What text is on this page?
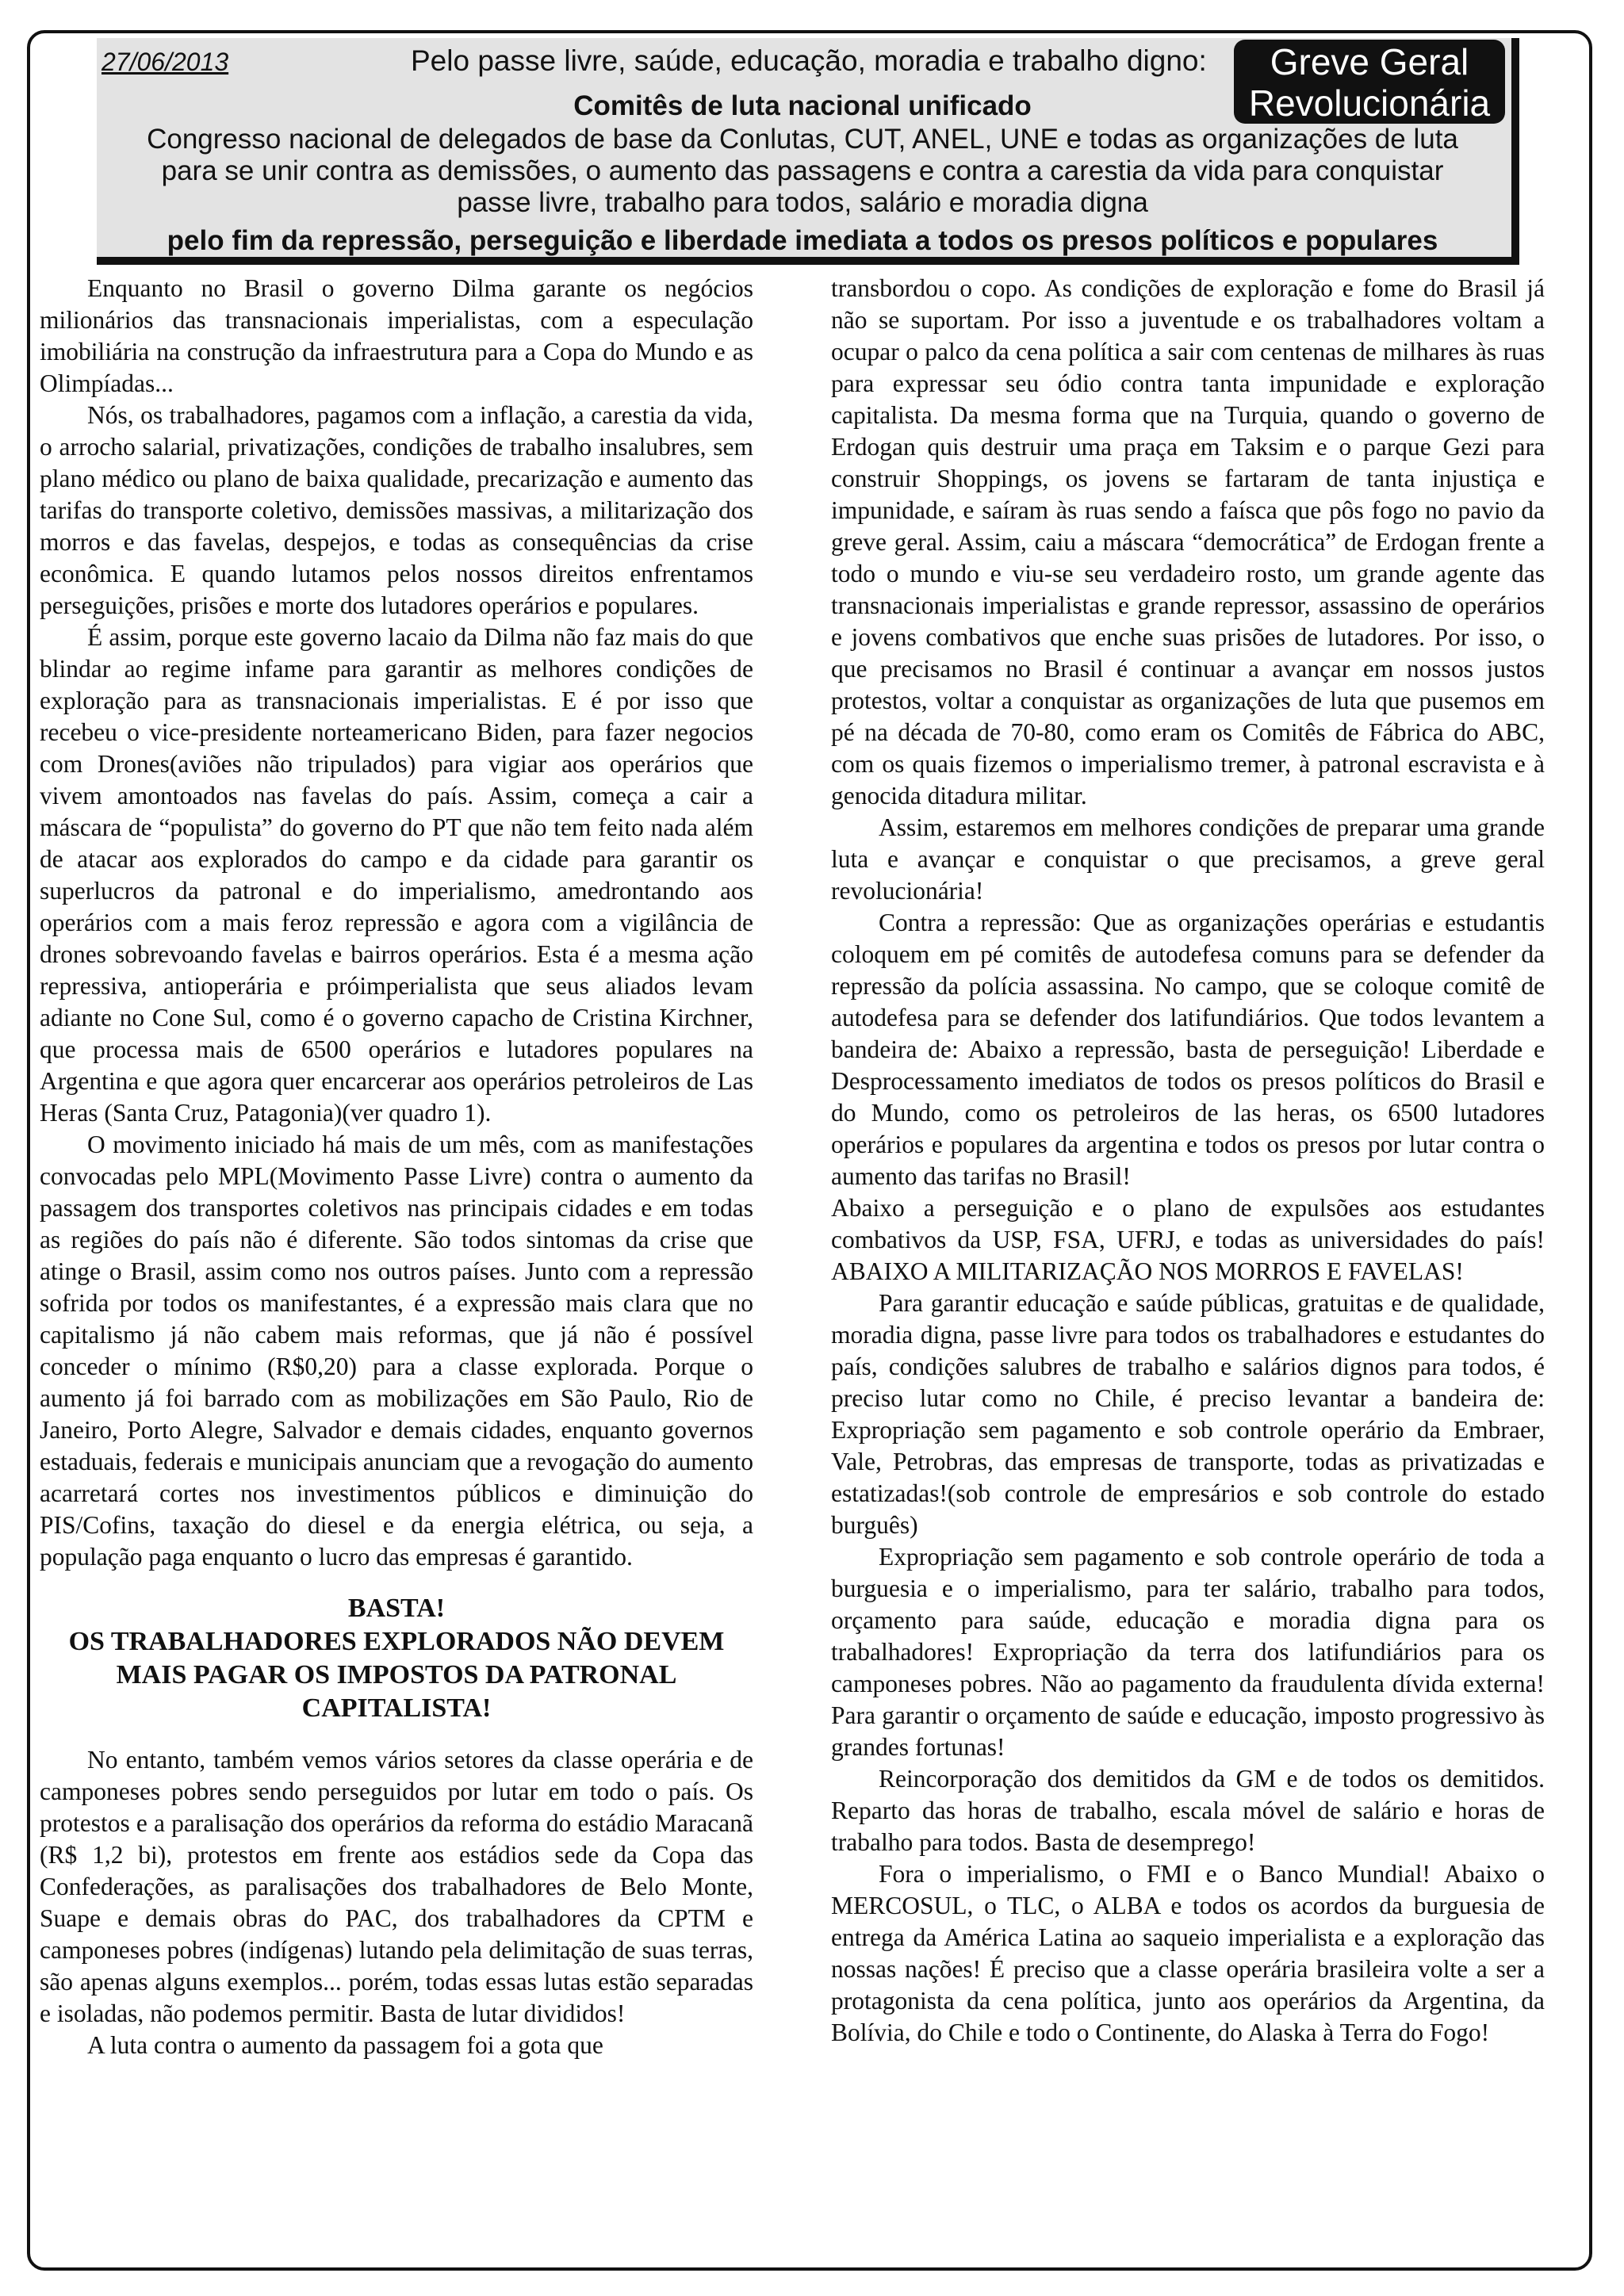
27/06/2013	Pelo passe livre, saúde, educação, moradia e trabalho digno:	Greve Geral
Revolucionária
Comitês de luta nacional unificado
Congresso nacional de delegados de base da Conlutas, CUT, ANEL, UNE e todas as organizações de luta
para se unir contra as demissões, o aumento das passagens e contra a carestia da vida para conquistar
passe livre, trabalho para todos, salário e moradia digna
pelo fim da repressão, perseguição e liberdade imediata a todos os presos políticos e populares

Enquanto no Brasil o governo Dilma garante os negócios milionários das transnacionais imperialistas, com a especulação imobiliária na construção da infraestrutura para a Copa do Mundo e as Olimpíadas...

Nós, os trabalhadores, pagamos com a inflação, a carestia da vida, o arrocho salarial, privatizações, condições de trabalho insalubres, sem plano médico ou plano de baixa qualidade, precarização e aumento das tarifas do transporte coletivo, demissões massivas, a militarização dos morros e das favelas, despejos, e todas as consequências da crise econômica. E quando lutamos pelos nossos direitos enfrentamos perseguições, prisões e morte dos lutadores operários e populares.

É assim, porque este governo lacaio da Dilma não faz mais do que blindar ao regime infame para garantir as melhores condições de exploração para as transnacionais imperialistas. E é por isso que recebeu o vice-presidente norteamericano Biden, para fazer negocios com Drones(aviões não tripulados) para vigiar aos operários que vivem amontoados nas favelas do país. Assim, começa a cair a máscara de “populista” do governo do PT que não tem feito nada além de atacar aos explorados do campo e da cidade para garantir os superlucros da patronal e do imperialismo, amedrontando aos operários com a mais feroz repressão e agora com a vigilância de drones sobrevoando favelas e bairros operários. Esta é a mesma ação repressiva, antioperária e próimperialista que seus aliados levam adiante no Cone Sul, como é o governo capacho de Cristina Kirchner, que processa mais de 6500 operários e lutadores populares na Argentina e que agora quer encarcerar aos operários petroleiros de Las Heras (Santa Cruz, Patagonia)(ver quadro 1).

O movimento iniciado há mais de um mês, com as manifestações convocadas pelo MPL(Movimento Passe Livre) contra o aumento da passagem dos transportes coletivos nas principais cidades e em todas as regiões do país não é diferente. São todos sintomas da crise que atinge o Brasil, assim como nos outros países. Junto com a repressão sofrida por todos os manifestantes, é a expressão mais clara que no capitalismo já não cabem mais reformas, que já não é possível conceder o mínimo (R$0,20) para a classe explorada. Porque o aumento já foi barrado com as mobilizações em São Paulo, Rio de Janeiro, Porto Alegre, Salvador e demais cidades, enquanto governos estaduais, federais e municipais anunciam que a revogação do aumento acarretará cortes nos investimentos públicos e diminuição do PIS/Cofins, taxação do diesel e da energia elétrica, ou seja, a população paga enquanto o lucro das empresas é garantido.

BASTA!
OS TRABALHADORES EXPLORADOS NÃO DEVEM
MAIS PAGAR OS IMPOSTOS DA PATRONAL
CAPITALISTA!

No entanto, também vemos vários setores da classe operária e de camponeses pobres sendo perseguidos por lutar em todo o país. Os protestos e a paralisação dos operários da reforma do estádio Maracanã (R$ 1,2 bi), protestos em frente aos estádios sede da Copa das Confederações, as paralisações dos trabalhadores de Belo Monte, Suape e demais obras do PAC, dos trabalhadores da CPTM e camponeses pobres (indígenas) lutando pela delimitação de suas terras, são apenas alguns exemplos... porém, todas essas lutas estão separadas e isoladas, não podemos permitir. Basta de lutar divididos!

A luta contra o aumento da passagem foi a gota que

transbordou o copo. As condições de exploração e fome do Brasil já não se suportam. Por isso a juventude e os trabalhadores voltam a ocupar o palco da cena política a sair com centenas de milhares às ruas para expressar seu ódio contra tanta impunidade e exploração capitalista. Da mesma forma que na Turquia, quando o governo de Erdogan quis destruir uma praça em Taksim e o parque Gezi para construir Shoppings, os jovens se fartaram de tanta injustiça e impunidade, e saíram às ruas sendo a faísca que pôs fogo no pavio da greve geral. Assim, caiu a máscara “democrática” de Erdogan frente a todo o mundo e viu-se seu verdadeiro rosto, um grande agente das transnacionais imperialistas e grande repressor, assassino de operários e jovens combativos que enche suas prisões de lutadores. Por isso, o que precisamos no Brasil é continuar a avançar em nossos justos protestos, voltar a conquistar as organizações de luta que pusemos em pé na década de 70-80, como eram os Comitês de Fábrica do ABC, com os quais fizemos o imperialismo tremer, à patronal escravista e à genocida ditadura militar.

Assim, estaremos em melhores condições de preparar uma grande luta e avançar e conquistar o que precisamos, a greve geral revolucionária!

Contra a repressão: Que as organizações operárias e estudantis coloquem em pé comitês de autodefesa comuns para se defender da repressão da polícia assassina. No campo, que se coloque comitê de autodefesa para se defender dos latifundiários. Que todos levantem a bandeira de: Abaixo a repressão, basta de perseguição! Liberdade e Desprocessamento imediatos de todos os presos políticos do Brasil e do Mundo, como os petroleiros de las heras, os 6500 lutadores operários e populares da argentina e todos os presos por lutar contra o aumento das tarifas no Brasil!

Abaixo a perseguição e o plano de expulsões aos estudantes combativos da USP, FSA, UFRJ, e todas as universidades do país! ABAIXO A MILITARIZAÇÃO NOS MORROS E FAVELAS!

Para garantir educação e saúde públicas, gratuitas e de qualidade, moradia digna, passe livre para todos os trabalhadores e estudantes do país, condições salubres de trabalho e salários dignos para todos, é preciso lutar como no Chile, é preciso levantar a bandeira de: Expropriação sem pagamento e sob controle operário da Embraer, Vale, Petrobras, das empresas de transporte, todas as privatizadas e estatizadas!(sob controle de empresários e sob controle do estado burguês)

Expropriação sem pagamento e sob controle operário de toda a burguesia e o imperialismo, para ter salário, trabalho para todos, orçamento para saúde, educação e moradia digna para os trabalhadores! Expropriação da terra dos latifundiários para os camponeses pobres. Não ao pagamento da fraudulenta dívida externa! Para garantir o orçamento de saúde e educação, imposto progressivo às grandes fortunas!

Reincorporação dos demitidos da GM e de todos os demitidos. Reparto das horas de trabalho, escala móvel de salário e horas de trabalho para todos. Basta de desemprego!

Fora o imperialismo, o FMI e o Banco Mundial! Abaixo o MERCOSUL, o TLC, o ALBA e todos os acordos da burguesia de entrega da América Latina ao saqueio imperialista e a exploração das nossas nações! É preciso que a classe operária brasileira volte a ser a protagonista da cena política, junto aos operários da Argentina, da Bolívia, do Chile e todo o Continente, do Alaska à Terra do Fogo!
